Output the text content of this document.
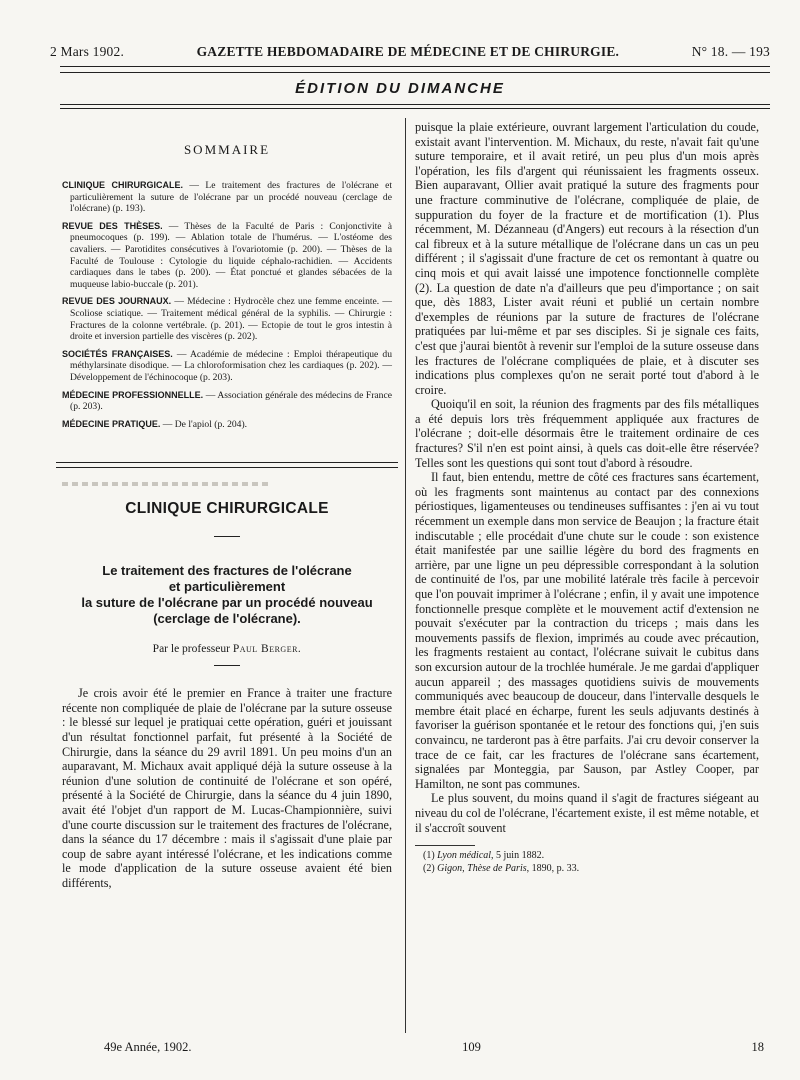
2 Mars 1902.	GAZETTE HEBDOMADAIRE DE MÉDECINE ET DE CHIRURGIE.	N° 18. — 193
ÉDITION DU DIMANCHE
SOMMAIRE

CLINIQUE CHIRURGICALE. — Le traitement des fractures de l'olécrane et particulièrement la suture de l'olécrane par un procédé nouveau (cerclage de l'olécrane) (p. 193).

REVUE DES THÈSES. — Thèses de la Faculté de Paris : Conjonctivite à pneumocoques (p. 199). — Ablation totale de l'humérus. — L'ostéome des cavaliers. — Parotidites consécutives à l'ovariotomie (p. 200). — Thèses de la Faculté de Toulouse : Cytologie du liquide céphalo-rachidien. — Accidents cardiaques dans le tabes (p. 200). — État ponctué et glandes sébacées de la muqueuse labio-buccale (p. 201).

REVUE DES JOURNAUX. — Médecine : Hydrocèle chez une femme enceinte. — Scoliose sciatique. — Traitement médical général de la syphilis. — Chirurgie : Fractures de la colonne vertébrale. (p. 201). — Ectopie de tout le gros intestin à droite et inversion partielle des viscères (p. 202).

SOCIÉTÉS FRANÇAISES. — Académie de médecine : Emploi thérapeutique du méthylarsinate disodique. — La chloroformisation chez les cardiaques (p. 202). — Développement de l'échinocoque (p. 203).

MÉDECINE PROFESSIONNELLE. — Association générale des médecins de France (p. 203).

MÉDECINE PRATIQUE. — De l'apiol (p. 204).

CLINIQUE CHIRURGICALE
Le traitement des fractures de l'olécrane
et particulièrement
la suture de l'olécrane par un procédé nouveau
(cerclage de l'olécrane).

Par le professeur Paul Berger.

Je crois avoir été le premier en France à traiter une fracture récente non compliquée de plaie de l'olécrane par la suture osseuse : le blessé sur lequel je pratiquai cette opération, guéri et jouissant d'un résultat fonctionnel parfait, fut présenté à la Société de Chirurgie, dans la séance du 29 avril 1891. Un peu moins d'un an auparavant, M. Michaux avait appliqué déjà la suture osseuse à la réunion d'une solution de continuité de l'olécrane et son opéré, présenté à la Société de Chirurgie, dans la séance du 4 juin 1890, avait été l'objet d'un rapport de M. Lucas-Championnière, suivi d'une courte discussion sur le traitement des fractures de l'olécrane, dans la séance du 17 décembre : mais il s'agissait d'une plaie par coup de sabre ayant intéressé l'olécrane, et les indications comme le mode d'application de la suture osseuse avaient été bien différents,

puisque la plaie extérieure, ouvrant largement l'articulation du coude, existait avant l'intervention. M. Michaux, du reste, n'avait fait qu'une suture temporaire, et il avait retiré, un peu plus d'un mois après l'opération, les fils d'argent qui réunissaient les fragments osseux. Bien auparavant, Ollier avait pratiqué la suture des fragments pour une fracture comminutive de l'olécrane, compliquée de plaie, de suppuration du foyer de la fracture et de mortification (1). Plus récemment, M. Dézanneau (d'Angers) eut recours à la résection d'un cal fibreux et à la suture métallique de l'olécrane dans un cas un peu différent ; il s'agissait d'une fracture de cet os remontant à quatre ou cinq mois et qui avait laissé une impotence fonctionnelle complète (2). La question de date n'a d'ailleurs que peu d'importance ; on sait que, dès 1883, Lister avait réuni et publié un certain nombre d'exemples de réunions par la suture de fractures de l'olécrane pratiquées par lui-même et par ses disciples. Si je signale ces faits, c'est que j'aurai bientôt à revenir sur l'emploi de la suture osseuse dans les fractures de l'olécrane compliquées de plaie, et à discuter ses indications plus complexes qu'on ne serait porté tout d'abord à le croire.

Quoiqu'il en soit, la réunion des fragments par des fils métalliques a été depuis lors très fréquemment appliquée aux fractures de l'olécrane ; doit-elle désormais être le traitement ordinaire de ces fractures? S'il n'en est point ainsi, à quels cas doit-elle être réservée? Telles sont les questions qui sont tout d'abord à résoudre.

Il faut, bien entendu, mettre de côté ces fractures sans écartement, où les fragments sont maintenus au contact par des connexions périostiques, ligamenteuses ou tendineuses suffisantes : j'en ai vu tout récemment un exemple dans mon service de Beaujon ; la fracture était indiscutable ; elle procédait d'une chute sur le coude : son existence était manifestée par une saillie légère du bord des fragments en arrière, par une ligne un peu dépressible correspondant à la solution de continuité de l'os, par une mobilité latérale très facile à percevoir que l'on pouvait imprimer à l'olécrane ; enfin, il y avait une impotence fonctionnelle presque complète et le mouvement actif d'extension ne pouvait s'exécuter par la contraction du triceps ; mais dans les mouvements passifs de flexion, imprimés au coude avec précaution, les fragments restaient au contact, l'olécrane suivait le cubitus dans son excursion autour de la trochlée humérale. Je me gardai d'appliquer aucun appareil ; des massages quotidiens suivis de mouvements communiqués avec beaucoup de douceur, dans l'intervalle desquels le membre était placé en écharpe, furent les seuls adjuvants destinés à favoriser la guérison spontanée et le retour des fonctions qui, j'en suis convaincu, ne tarderont pas à être parfaits. J'ai cru devoir conserver la trace de ce fait, car les fractures de l'olécrane sans écartement, signalées par Monteggia, par Sauson, par Astley Cooper, par Hamilton, ne sont pas communes.

Le plus souvent, du moins quand il s'agit de fractures siégeant au niveau du col de l'olécrane, l'écartement existe, il est même notable, et il s'accroît souvent

(1) Lyon médical, 5 juin 1882.

(2) Gigon, Thèse de Paris, 1890, p. 33.

49e Année, 1902.	109	18
